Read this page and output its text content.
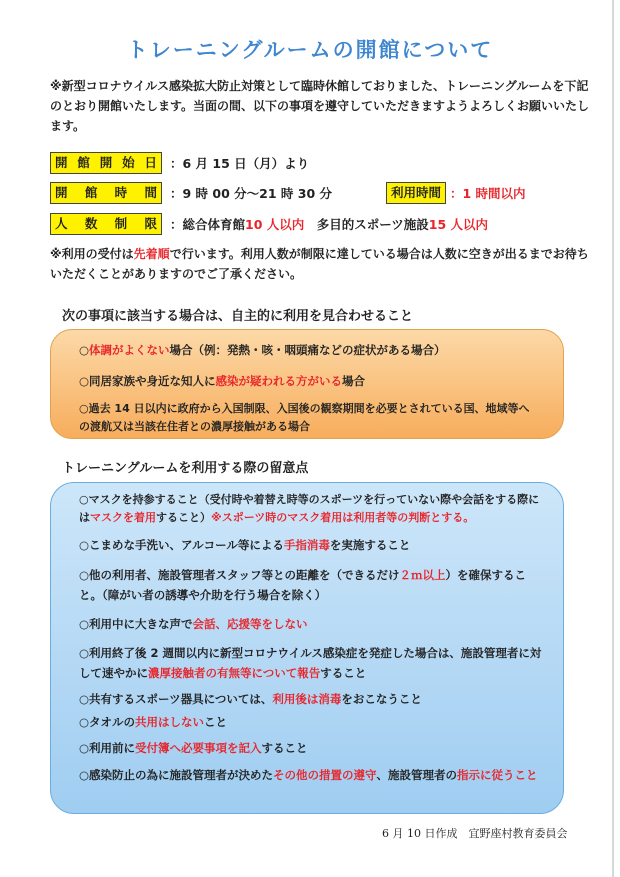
トレーニングルームの開館について
※新型コロナウイルス感染拡大防止対策として臨時休館しておりました、トレーニングルームを下記のとおり開館いたします。当面の間、以下の事項を遵守していただきますようよろしくお願いいたします。
開館開始日	：6 月 15 日（月）より
開 館 時 間	：9 時 00 分～21 時 30 分	利用時間 ：1 時間以内
人 数 制 限	：総合体育館10 人以内　多目的スポーツ施設15 人以内
※利用の受付は先着順で行います。利用人数が制限に達している場合は人数に空きが出るまでお待ちいただくことがありますのでご了承ください。
次の事項に該当する場合は、自主的に利用を見合わせること
○体調がよくない場合（例：発熱・咳・咽頭痛などの症状がある場合）
○同居家族や身近な知人に感染が疑われる方がいる場合
○過去 14 日以内に政府から入国制限、入国後の観察期間を必要とされている国、地域等への渡航又は当該在住者との濃厚接触がある場合
トレーニングルームを利用する際の留意点
○マスクを持参すること（受付時や着替え時等のスポーツを行っていない際や会話をする際にはマスクを着用すること）※スポーツ時のマスク着用は利用者等の判断とする。
○こまめな手洗い、アルコール等による手指消毒を実施すること
○他の利用者、施設管理者スタッフ等との距離を（できるだけ２ｍ以上）を確保すること。（障がい者の誘導や介助を行う場合を除く）
○利用中に大きな声で会話、応援等をしない
○利用終了後 2 週間以内に新型コロナウイルス感染症を発症した場合は、施設管理者に対して速やかに濃厚接触者の有無等について報告すること
○共有するスポーツ器具については、利用後は消毒をおこなうこと
○タオルの共用はしないこと
○利用前に受付簿へ必要事項を記入すること
○感染防止の為に施設管理者が決めたその他の措置の遵守、施設管理者の指示に従うこと
6 月 10 日作成　宜野座村教育委員会
